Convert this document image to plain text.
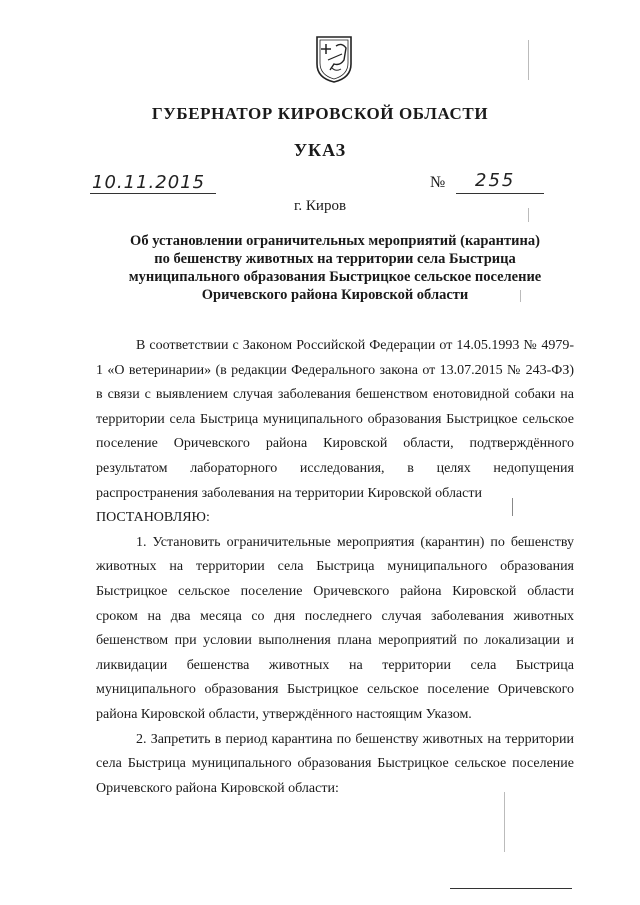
ГУБЕРНАТОР КИРОВСКОЙ ОБЛАСТИ
УКАЗ
10.11.2015	№ 255
г. Киров
Об установлении ограничительных мероприятий (карантина)
по бешенству животных на территории села Быстрица
муниципального образования Быстрицкое сельское поселение
Оричевского района Кировской области

В соответствии с Законом Российской Федерации от 14.05.1993 № 4979-1 «О ветеринарии» (в редакции Федерального закона от 13.07.2015 № 243-ФЗ) в связи с выявлением случая заболевания бешенством енотовидной собаки на территории села Быстрица муниципального образования Быстрицкое сельское поселение Оричевского района Кировской области, подтверждённого результатом лабораторного исследования, в целях недопущения распространения заболевания на территории Кировской области

ПОСТАНОВЛЯЮ:

1. Установить ограничительные мероприятия (карантин) по бешенству животных на территории села Быстрица муниципального образования Быстрицкое сельское поселение Оричевского района Кировской области сроком на два месяца со дня последнего случая заболевания животных бешенством при условии выполнения плана мероприятий по локализации и ликвидации бешенства животных на территории села Быстрица муниципального образования Быстрицкое сельское поселение Оричевского района Кировской области, утверждённого настоящим Указом.

2. Запретить в период карантина по бешенству животных на территории села Быстрица муниципального образования Быстрицкое сельское поселение Оричевского района Кировской области:
